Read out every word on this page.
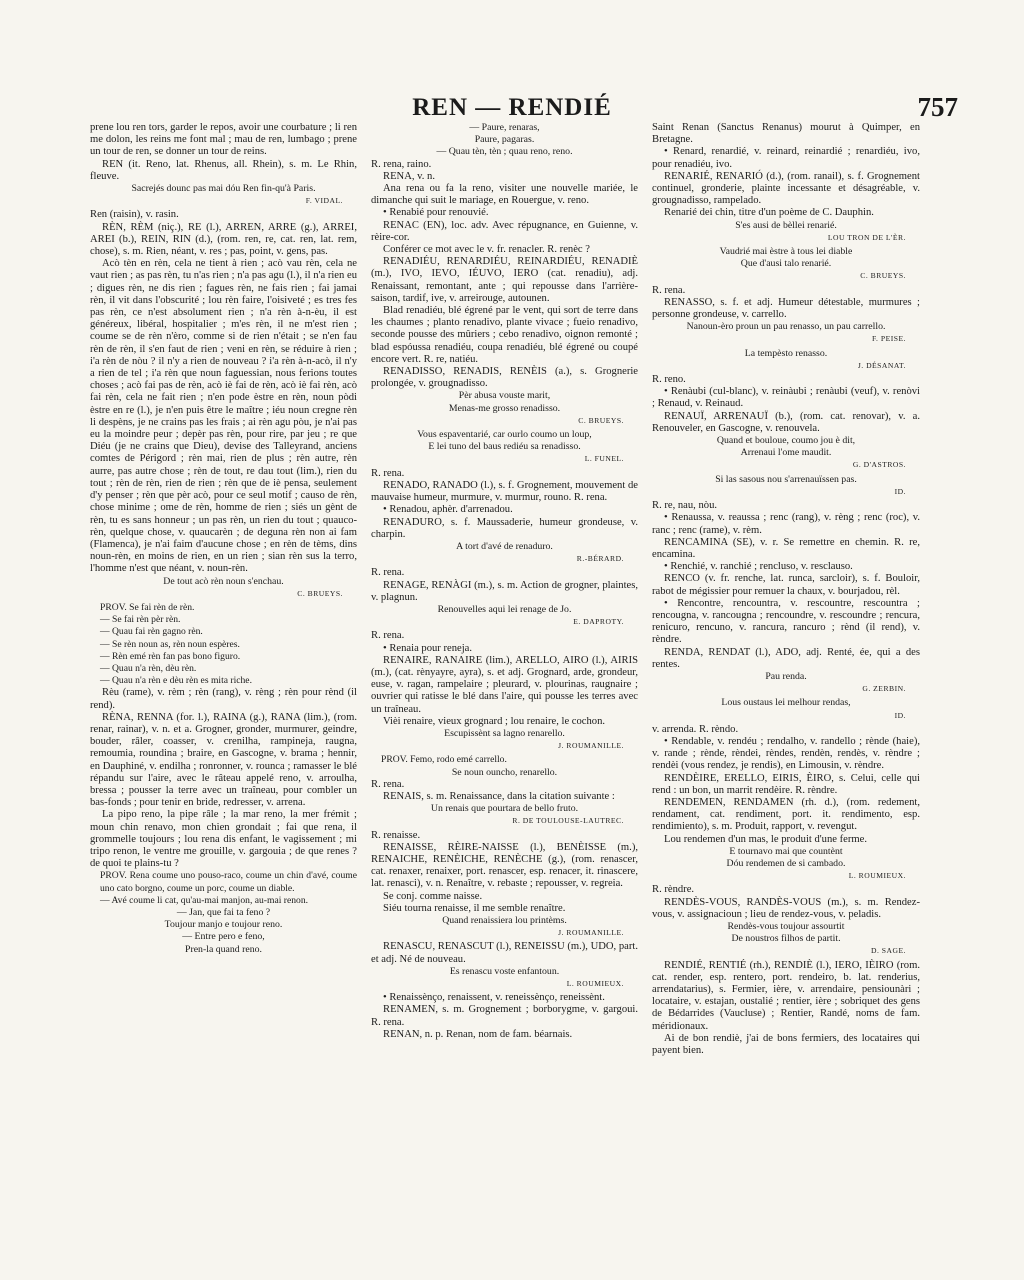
REN — RENDIÉ	757

prene lou ren tors, garder le repos, avoir une courbature ; li ren me dolon, les reins me font mal ; mau de ren, lumbago ; prene un tour de ren, se donner un tour de reins.

REN (it. Reno, lat. Rhenus, all. Rhein), s. m. Le Rhin, fleuve.

Sacrejés dounc pas mai dóu Ren fin-qu'à Paris.

F. VIDAL.

Ren (raisin), v. rasin.

RÈN, RÈM (niç.), RE (l.), ARREN, ARRE (g.), ARREI, AREI (b.), REIN, RIN (d.), (rom. ren, re, cat. ren, lat. rem, chose), s. m. Rien, néant, v. res ; pas, point, v. gens, pas.

Acò tèn en rèn, cela ne tient à rien ; acò vau rèn, cela ne vaut rien ; as pas rèn, tu n'as rien ; n'a pas agu (l.), il n'a rien eu ; digues rèn, ne dis rien ; fagues rèn, ne fais rien ; fai jamai rèn, il vit dans l'obscurité ; lou rèn faire, l'oisiveté ; es tres fes pas rèn, ce n'est absolument rien ; n'a rèn à-n-èu, il est généreux, libéral, hospitalier ; m'es rèn, il ne m'est rien ; coume se de rèn n'èro, comme si de rien n'était ; se n'en fau rèn de rèn, il s'en faut de rien ; veni en rèn, se réduire à rien ; i'a rèn de nòu ? il n'y a rien de nouveau ? i'a rèn à-n-acò, il n'y a rien de tel ; i'a rèn que noun faguessian, nous ferions toutes choses ; acò fai pas de rèn, acò iè fai de rèn, acò iè fai rèn, acò fai rèn, cela ne fait rien ; n'en pode èstre en rèn, noun pòdi èstre en re (l.), je n'en puis être le maître ; iéu noun cregne rèn li despèns, je ne crains pas les frais ; ai rèn agu pòu, je n'ai pas eu la moindre peur ; depèr pas rèn, pour rire, par jeu ; re que Diéu (je ne crains que Dieu), devise des Talleyrand, anciens comtes de Périgord ; rèn mai, rien de plus ; rèn autre, rèn aurre, pas autre chose ; rèn de tout, re dau tout (lim.), rien du tout ; rèn de rèn, rien de rien ; rèn que de iè pensa, seulement d'y penser ; rèn que pèr acò, pour ce seul motif ; causo de rèn, chose minime ; ome de rèn, homme de rien ; siés un gènt de rèn, tu es sans honneur ; un pas rèn, un rien du tout ; quauco-rèn, quelque chose, v. quaucarèn ; de deguna rèn non ai fam (Flamenca), je n'ai faim d'aucune chose ; en rèn de tèms, dins noun-rèn, en moins de rien, en un rien ; sian rèn sus la terro, l'homme n'est que néant, v. noun-rèn.

De tout acò rèn noun s'enchau.

C. BRUEYS.

PROV. Se fai rèn de rèn.

— Se fai rèn pèr rèn.

— Quau fai rèn gagno rèn.

— Se rèn noun as, rèn noun espères.

— Rèn emé rèn fan pas bono figuro.

— Quau n'a rèn, dèu rèn.

— Quau n'a rèn e dèu rèn es mita riche.

Rèu (rame), v. rèm ; rèn (rang), v. rèng ; rèn pour rènd (il rend).

RÈNA, RENNA (for. l.), RAINA (g.), RANA (lim.), (rom. renar, rainar), v. n. et a. Grogner, gronder, murmurer, geindre, bouder, râler, coasser, v. crenilha, rampineja, raugna, remoumia, roundina ; braire, en Gascogne, v. brama ; hennir, en Dauphiné, v. endilha ; ronronner, v. rounca ; ramasser le blé répandu sur l'aire, avec le râteau appelé reno, v. arroulha, bressa ; pousser la terre avec un traîneau, pour combler un bas-fonds ; pour tenir en bride, redresser, v. arrena.

La pipo reno, la pipe râle ; la mar reno, la mer frémit ; moun chin renavo, mon chien grondait ; fai que rena, il grommelle toujours ; lou rena dis enfant, le vagissement ; mi tripo renon, le ventre me grouille, v. gargouia ; de que renes ? de quoi te plains-tu ?

PROV. Rena coume uno pouso-raco, coume un chin d'avé, coume uno cato borgno, coume un porc, coume un diable.

— Avé coume li cat, qu'au-mai manjon, au-mai renon.

— Jan, que fai ta feno ?

Toujour manjo e toujour reno.

— Entre pero e feno,

Pren-la quand reno.

— Paure, renaras,

Paure, pagaras.

— Quau tèn, tèn ; quau reno, reno.

R. rena, raino.

RENA, v. n.

Ana rena ou fa la reno, visiter une nouvelle mariée, le dimanche qui suit le mariage, en Rouergue, v. reno.

• Renabié pour renouvié.

RENAC (EN), loc. adv. Avec répugnance, en Guienne, v. rèire-cor.

Conférer ce mot avec le v. fr. renacler. R. renèc ?

RENADIÉU, RENARDIÉU, REINARDIÉU, RENADIÈ (m.), IVO, IEVO, IÉUVO, IERO (cat. renadiu), adj. Renaissant, remontant, ante ; qui repousse dans l'arrière-saison, tardif, ive, v. arreirouge, autounen.

Blad renadiéu, blé égrené par le vent, qui sort de terre dans les chaumes ; planto renadivo, plante vivace ; fueio renadivo, seconde pousse des mûriers ; cebo renadivo, oignon remonté ; blad espóussa renadiéu, coupa renadiéu, blé égrené ou coupé encore vert. R. re, natiéu.

RENADISSO, RENADIS, RENÈIS (a.), s. Grognerie prolongée, v. grougnadisso.

Pèr abusa vouste marit,

Menas-me grosso renadisso.

C. BRUEYS.

Vous espaventarié, car ourlo coumo un loup,

E lei tuno del baus rediéu sa renadisso.

L. FUNEL.

R. rena.

RENADO, RANADO (l.), s. f. Grognement, mouvement de mauvaise humeur, murmure, v. murmur, rouno. R. rena.

• Renadou, aphèr. d'arrenadou.

RENADURO, s. f. Maussaderie, humeur grondeuse, v. charpin.

A tort d'avé de renaduro.

R.-BÉRARD.

R. rena.

RENAGE, RENÀGI (m.), s. m. Action de grogner, plaintes, v. plagnun.

Renouvelles aqui lei renage de Jo.

E. DAPROTY.

R. rena.

• Renaia pour reneja.

RENAIRE, RANAIRE (lim.), ARELLO, AIRO (l.), AIRIS (m.), (cat. rènyayre, ayra), s. et adj. Grognard, arde, grondeur, euse, v. ragan, rampelaire ; pleurard, v. plourinas, raugnaire ; ouvrier qui ratisse le blé dans l'aire, qui pousse les terres avec un traîneau.

Vièi renaire, vieux grognard ; lou renaire, le cochon.

Escupissènt sa lagno renarello.

J. ROUMANILLE.

PROV. Femo, rodo emé carrello.

Se noun ouncho, renarello.

R. rena.

RENAIS, s. m. Renaissance, dans la citation suivante :

Un renais que pourtara de bello fruto.

R. DE TOULOUSE-LAUTREC.

R. renaisse.

RENAISSE, RÈIRE-NAISSE (l.), BENÈISSE (m.), RENAICHE, RENÈICHE, RENÈCHE (g.), (rom. renascer, cat. renaxer, renaixer, port. renascer, esp. renacer, it. rinascere, lat. renasci), v. n. Renaître, v. rebaste ; repousser, v. regreia.

Se conj. comme naisse.

Siéu tourna renaisse, il me semble renaître.

Quand renaissiera lou printèms.

J. ROUMANILLE.

RENASCU, RENASCUT (l.), RENEISSU (m.), UDO, part. et adj. Né de nouveau.

Es renascu voste enfantoun.

L. ROUMIEUX.

• Renaissènço, renaissent, v. reneissènço, reneissènt.

RENAMEN, s. m. Grognement ; borborygme, v. gargoui. R. rena.

RENAN, n. p. Renan, nom de fam. béarnais.

Saint Renan (Sanctus Renanus) mourut à Quimper, en Bretagne.

• Renard, renardié, v. reinard, reinardié ; renardiéu, ivo, pour renadiéu, ivo.

RENARIÉ, RENARIÓ (d.), (rom. ranail), s. f. Grognement continuel, gronderie, plainte incessante et désagréable, v. grougnadisso, rampelado.

Renarié dei chin, titre d'un poème de C. Dauphin.

S'es ausi de bèllei renarié.

LOU TRON DE L'ÈR.

Vaudrié mai èstre à tous lei diable

Que d'ausi talo renarié.

C. BRUEYS.

R. rena.

RENASSO, s. f. et adj. Humeur détestable, murmures ; personne grondeuse, v. carrello.

Nanoun-èro proun un pau renasso, un pau carrello.

F. PEISE.

La tempèsto renasso.

J. DÉSANAT.

R. reno.

• Renàubi (cul-blanc), v. reinàubi ; renàubi (veuf), v. renòvi ; Renaud, v. Reinaud.

RENAUÏ, ARRENAUÏ (b.), (rom. cat. renovar), v. a. Renouveler, en Gascogne, v. renouvela.

Quand et bouloue, coumo jou è dit,

Arrenaui l'ome maudit.

G. D'ASTROS.

Si las sasous nou s'arrenauïssen pas.

ID.

R. re, nau, nòu.

• Renaussa, v. reaussa ; renc (rang), v. rèng ; renc (roc), v. ranc ; renc (rame), v. rèm.

RENCAMINA (SE), v. r. Se remettre en chemin. R. re, encamina.

• Renchié, v. ranchié ; rencluso, v. resclauso.

RENCO (v. fr. renche, lat. runca, sarcloir), s. f. Bouloir, rabot de mégissier pour remuer la chaux, v. bourjadou, rèl.

• Rencontre, rencountra, v. rescountre, rescountra ; rencougna, v. rancougna ; rencoundre, v. rescoundre ; rencura, renicuro, rencuno, v. rancura, rancuro ; rènd (il rend), v. rèndre.

RENDA, RENDAT (l.), ADO, adj. Renté, ée, qui a des rentes.

Pau renda.

G. ZERBIN.

Lous oustaus lei melhour rendas,

ID.

v. arrenda. R. rèndo.

• Rendable, v. rendéu ; rendalho, v. randello ; rènde (haie), v. rande ; rènde, rèndei, rèndes, rendèn, rendès, v. rèndre ; rendèi (vous rendez, je rendis), en Limousin, v. rèndre.

RENDÈIRE, ERELLO, EIRIS, ÈIRO, s. Celui, celle qui rend : un bon, un marrit rendèire. R. rèndre.

RENDEMEN, RENDAMEN (rh. d.), (rom. redement, rendament, cat. rendiment, port. it. rendimento, esp. rendimiento), s. m. Produit, rapport, v. revengut.

Lou rendemen d'un mas, le produit d'une ferme.

E tournavo mai que countènt

Dóu rendemen de si cambado.

L. ROUMIEUX.

R. rèndre.

RENDÈS-VOUS, RANDÈS-VOUS (m.), s. m. Rendez-vous, v. assignacioun ; lieu de rendez-vous, v. peladis.

Rendès-vous toujour assourtit

De noustros filhos de partit.

D. SAGE.

RENDIÉ, RENTIÉ (rh.), RENDIÈ (l.), IERO, IÈIRO (rom. cat. render, esp. rentero, port. rendeiro, b. lat. renderius, arrendatarius), s. Fermier, ière, v. arrendaire, pensiounàri ; locataire, v. estajan, oustalié ; rentier, ière ; sobriquet des gens de Bédarrides (Vaucluse) ; Rentier, Randé, noms de fam. méridionaux.

Ai de bon rendiè, j'ai de bons fermiers, des locataires qui payent bien.
